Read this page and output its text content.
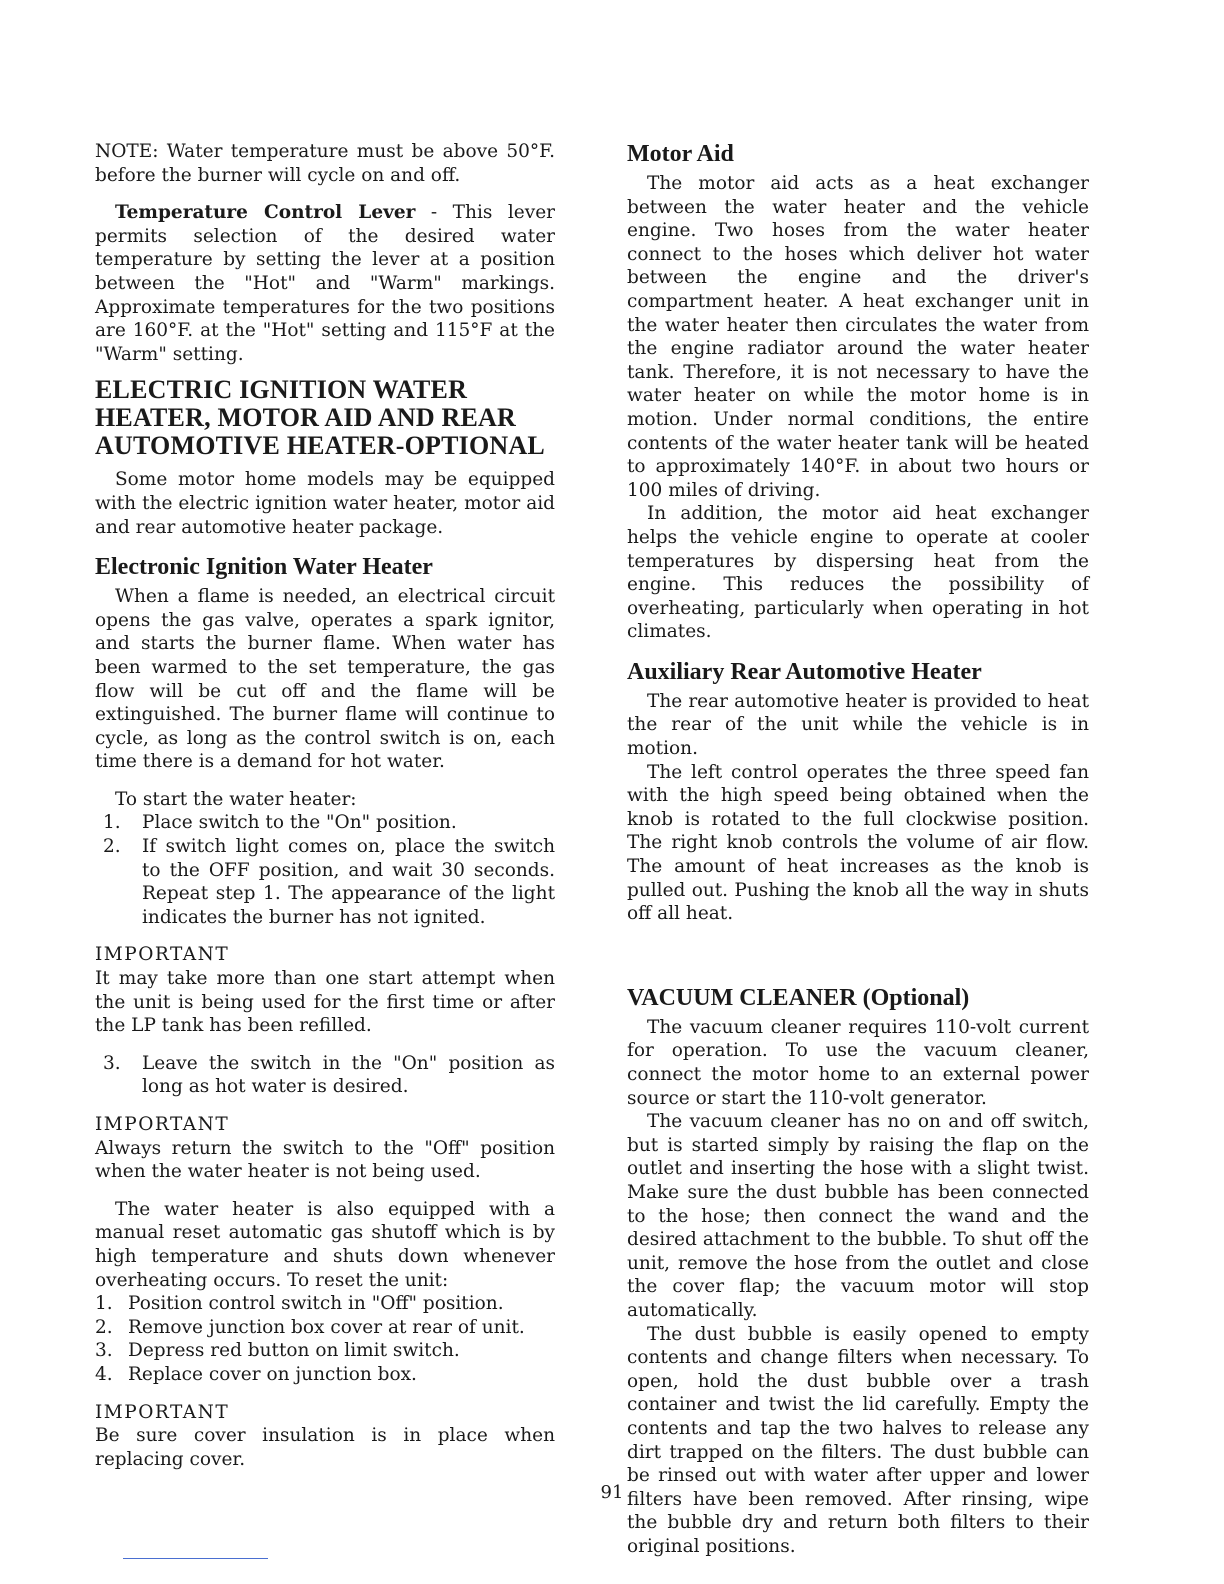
NOTE: Water temperature must be above 50°F. before the burner will cycle on and off.

Temperature Control Lever - This lever permits selection of the desired water temperature by setting the lever at a position between the "Hot" and "Warm" markings. Approximate temperatures for the two positions are 160°F. at the "Hot" setting and 115°F at the "Warm" setting.

ELECTRIC IGNITION WATER
HEATER, MOTOR AID AND REAR
AUTOMOTIVE HEATER-OPTIONAL

Some motor home models may be equipped with the electric ignition water heater, motor aid and rear automotive heater package.

Electronic Ignition Water Heater

When a flame is needed, an electrical circuit opens the gas valve, operates a spark ignitor, and starts the burner flame. When water has been warmed to the set temperature, the gas flow will be cut off and the flame will be extinguished. The burner flame will continue to cycle, as long as the control switch is on, each time there is a demand for hot water.

To start the water heater:

1. Place switch to the "On" position.
2. If switch light comes on, place the switch to the OFF position, and wait 30 seconds. Repeat step 1. The appearance of the light indicates the burner has not ignited.
IMPORTANT

It may take more than one start attempt when the unit is being used for the first time or after the LP tank has been refilled.

3. Leave the switch in the "On" position as long as hot water is desired.
IMPORTANT

Always return the switch to the "Off" position when the water heater is not being used.

The water heater is also equipped with a manual reset automatic gas shutoff which is by high temperature and shuts down whenever overheating occurs. To reset the unit:

1. Position control switch in "Off" position.
2. Remove junction box cover at rear of unit.
3. Depress red button on limit switch.
4. Replace cover on junction box.
IMPORTANT

Be sure cover insulation is in place when replacing cover.

Motor Aid

The motor aid acts as a heat exchanger between the water heater and the vehicle engine. Two hoses from the water heater connect to the hoses which deliver hot water between the engine and the driver's compartment heater. A heat exchanger unit in the water heater then circulates the water from the engine radiator around the water heater tank. Therefore, it is not necessary to have the water heater on while the motor home is in motion. Under normal conditions, the entire contents of the water heater tank will be heated to approximately 140°F. in about two hours or 100 miles of driving.

In addition, the motor aid heat exchanger helps the vehicle engine to operate at cooler temperatures by dispersing heat from the engine. This reduces the possibility of overheating, particularly when operating in hot climates.

Auxiliary Rear Automotive Heater

The rear automotive heater is provided to heat the rear of the unit while the vehicle is in motion.

The left control operates the three speed fan with the high speed being obtained when the knob is rotated to the full clockwise position. The right knob controls the volume of air flow. The amount of heat increases as the knob is pulled out. Pushing the knob all the way in shuts off all heat.

VACUUM CLEANER (Optional)

The vacuum cleaner requires 110-volt current for operation. To use the vacuum cleaner, connect the motor home to an external power source or start the 110-volt generator.

The vacuum cleaner has no on and off switch, but is started simply by raising the flap on the outlet and inserting the hose with a slight twist. Make sure the dust bubble has been connected to the hose; then connect the wand and the desired attachment to the bubble. To shut off the unit, remove the hose from the outlet and close the cover flap; the vacuum motor will stop automatically.

The dust bubble is easily opened to empty contents and change filters when necessary. To open, hold the dust bubble over a trash container and twist the lid carefully. Empty the contents and tap the two halves to release any dirt trapped on the filters. The dust bubble can be rinsed out with water after upper and lower filters have been removed. After rinsing, wipe the bubble dry and return both filters to their original positions.

91
